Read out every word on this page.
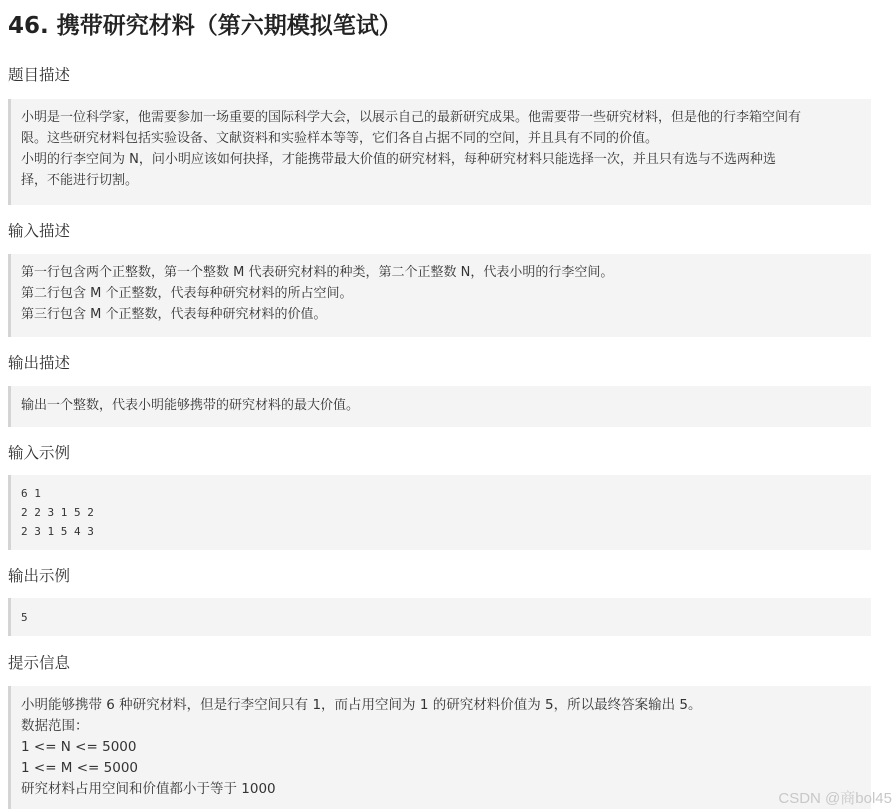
46. 携带研究材料（第六期模拟笔试）
题目描述
小明是一位科学家，他需要参加一场重要的国际科学大会，以展示自己的最新研究成果。他需要带一些研究材料，但是他的行李箱空间有
限。这些研究材料包括实验设备、文献资料和实验样本等等，它们各自占据不同的空间，并且具有不同的价值。
小明的行李空间为 N，问小明应该如何抉择，才能携带最大价值的研究材料，每种研究材料只能选择一次，并且只有选与不选两种选
择，不能进行切割。
输入描述
第一行包含两个正整数，第一个整数 M 代表研究材料的种类，第二个正整数 N，代表小明的行李空间。
第二行包含 M 个正整数，代表每种研究材料的所占空间。
第三行包含 M 个正整数，代表每种研究材料的价值。
输出描述
输出一个整数，代表小明能够携带的研究材料的最大价值。
输入示例
6 1
2 2 3 1 5 2
2 3 1 5 4 3
输出示例
5
提示信息
小明能够携带 6 种研究材料，但是行李空间只有 1，而占用空间为 1 的研究材料价值为 5，所以最终答案输出 5。
数据范围：
1 <= N <= 5000
1 <= M <= 5000
研究材料占用空间和价值都小于等于 1000
CSDN @商bol45
